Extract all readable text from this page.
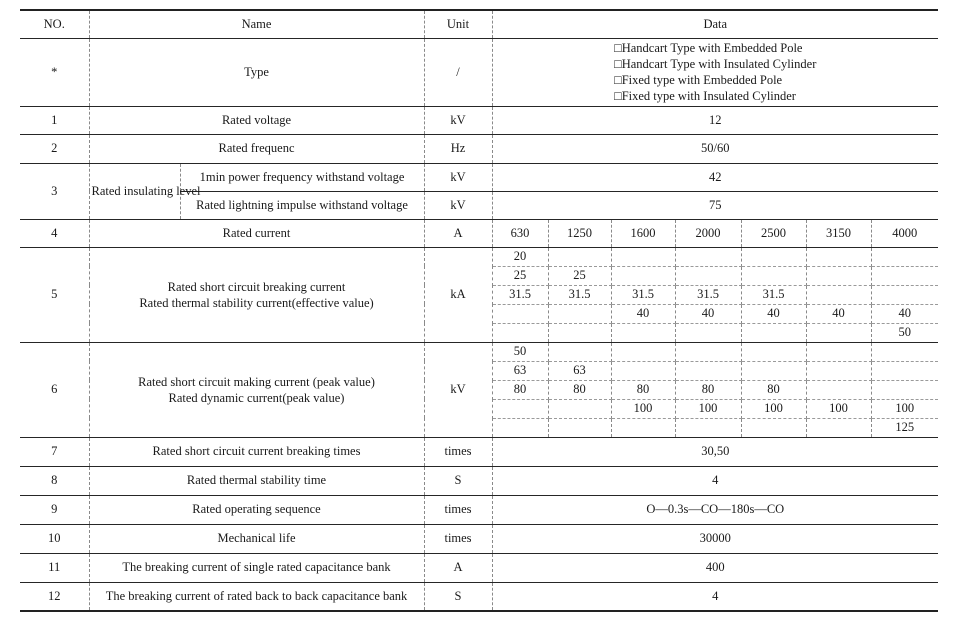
NO.	Name		Unit	Data						
*	Type		/	□Handcart Type with Embedded Pole
□Handcart Type with Insulated Cylinder
□Fixed type with Embedded Pole
□Fixed type with Insulated Cylinder						

1	Rated voltage		kV	12						
2	Rated frequenc		Hz	50/60						
3	Rated insulating level	1min power frequency withstand voltage	kV	42						
		Rated lightning impulse withstand voltage	kV	75						
4	Rated current		A	630	1250	1600	2000	2500	3150	4000
5	Rated short circuit breaking current
Rated thermal stability current(effective value)		kA	20						
				25	25					
				31.5	31.5	31.5	31.5	31.5		
						40	40	40	40	40
										50
6	Rated short circuit making current (peak value)
Rated dynamic current(peak value)		kV	50						
				63	63					
				80	80	80	80	80		
						100	100	100	100	100
										125
7	Rated short circuit current breaking times		times	30,50						
8	Rated thermal stability time		S	4						
9	Rated operating sequence		times	O—0.3s—CO—180s—CO						
10	Mechanical life		times	30000						
11	The breaking current of single rated capacitance bank		A	400						
12	The breaking current of rated back to back capacitance bank		S	4						
